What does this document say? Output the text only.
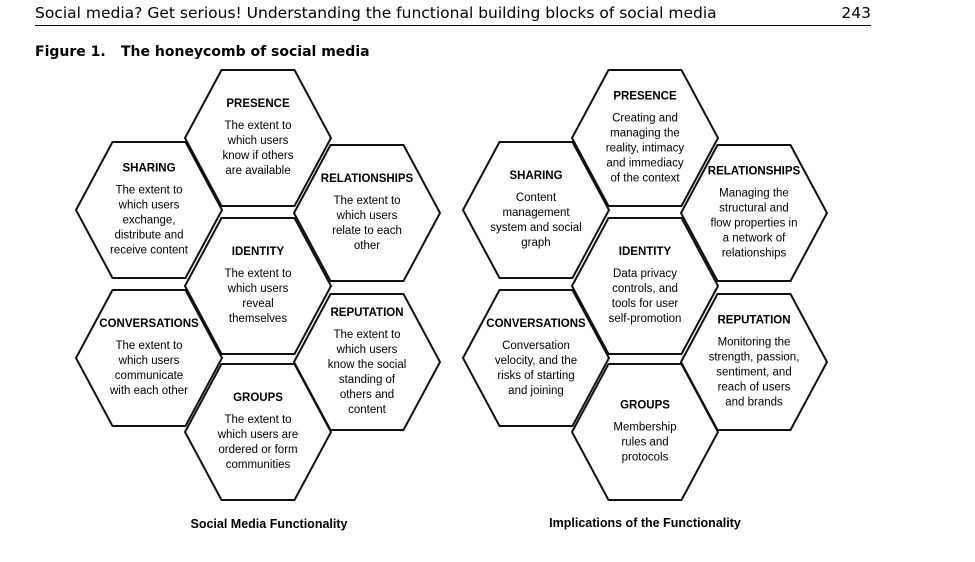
Social media? Get serious! Understanding the functional building blocks of social media	243
Figure 1. The honeycomb of social media
PRESENCE
The extent to
which users
know if others
are available
SHARING
The extent to
which users
exchange,
distribute and
receive content
RELATIONSHIPS
The extent to
which users
relate to each
other
IDENTITY
The extent to
which users
reveal
themselves
CONVERSATIONS
The extent to
which users
communicate
with each other
REPUTATION
The extent to
which users
know the social
standing of
others and
content
GROUPS
The extent to
which users are
ordered or form
communities
Social Media Functionality
PRESENCE
Creating and
managing the
reality, intimacy
and immediacy
of the context
SHARING
Content
management
system and social
graph
RELATIONSHIPS
Managing the
structural and
flow properties in
a network of
relationships
IDENTITY
Data privacy
controls, and
tools for user
self-promotion
CONVERSATIONS
Conversation
velocity, and the
risks of starting
and joining
REPUTATION
Monitoring the
strength, passion,
sentiment, and
reach of users
and brands
GROUPS
Membership
rules and
protocols
Implications of the Functionality
